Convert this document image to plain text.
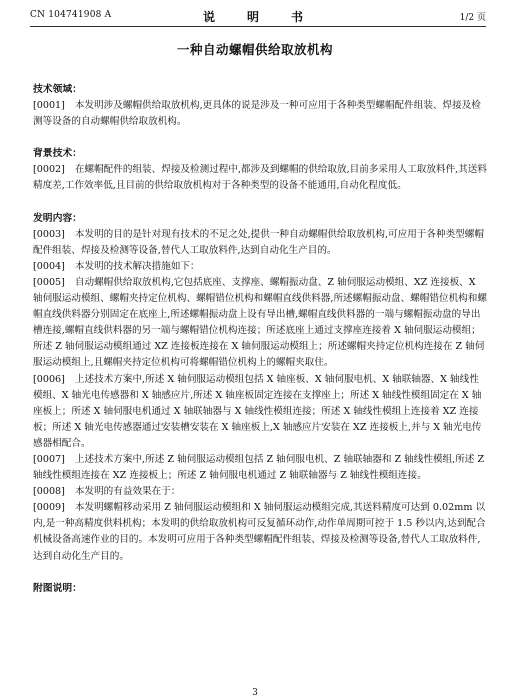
CN 104741908 A	说　明　书	1/2 页
一种自动螺帽供给取放机构
技术领域：

[0001] 本发明涉及螺帽供给取放机构,更具体的说是涉及一种可应用于各种类型螺帽配件组装、焊接及检测等设备的自动螺帽供给取放机构。

背景技术：

[0002] 在螺帽配件的组装、焊接及检测过程中,都涉及到螺帽的供给取放,目前多采用人工取放料件,其送料精度差,工作效率低,且目前的供给取放机构对于各种类型的设备不能通用,自动化程度低。

发明内容：

[0003] 本发明的目的是针对现有技术的不足之处,提供一种自动螺帽供给取放机构,可应用于各种类型螺帽配件组装、焊接及检测等设备,替代人工取放料件,达到自动化生产目的。

[0004] 本发明的技术解决措施如下：

[0005] 自动螺帽供给取放机构,它包括底座、支撑座、螺帽振动盘、Z 轴伺服运动模组、XZ 连接板、X 轴伺服运动模组、螺帽夹持定位机构、螺帽错位机构和螺帽直线供料器,所述螺帽振动盘、螺帽错位机构和螺帽直线供料器分别固定在底座上,所述螺帽振动盘上设有导出槽,螺帽直线供料器的一端与螺帽振动盘的导出槽连接,螺帽直线供料器的另一端与螺帽错位机构连接；所述底座上通过支撑座连接着 X 轴伺服运动模组；所述 Z 轴伺服运动模组通过 XZ 连接板连接在 X 轴伺服运动模组上；所述螺帽夹持定位机构连接在 Z 轴伺服运动模组上,且螺帽夹持定位机构可将螺帽错位机构上的螺帽夹取住。

[0006] 上述技术方案中,所述 X 轴伺服运动模组包括 X 轴座板、X 轴伺服电机、X 轴联轴器、X 轴线性模组、X 轴光电传感器和 X 轴感应片,所述 X 轴座板固定连接在支撑座上；所述 X 轴线性模组固定在 X 轴座板上；所述 X 轴伺服电机通过 X 轴联轴器与 X 轴线性模组连接；所述 X 轴线性模组上连接着 XZ 连接板；所述 X 轴光电传感器通过安装槽安装在 X 轴座板上,X 轴感应片安装在 XZ 连接板上,并与 X 轴光电传感器相配合。

[0007] 上述技术方案中,所述 Z 轴伺服运动模组包括 Z 轴伺服电机、Z 轴联轴器和 Z 轴线性模组,所述 Z 轴线性模组连接在 XZ 连接板上；所述 Z 轴伺服电机通过 Z 轴联轴器与 Z 轴线性模组连接。

[0008] 本发明的有益效果在于：

[0009] 本发明螺帽移动采用 Z 轴伺服运动模组和 X 轴伺服运动模组完成,其送料精度可达到 0.02mm 以内,是一种高精度供料机构；本发明的供给取放机构可反复循环动作,动作单周期可控于 1.5 秒以内,达到配合机械设备高速作业的目的。本发明可应用于各种类型螺帽配件组装、焊接及检测等设备,替代人工取放料件,达到自动化生产目的。

附图说明：
3
